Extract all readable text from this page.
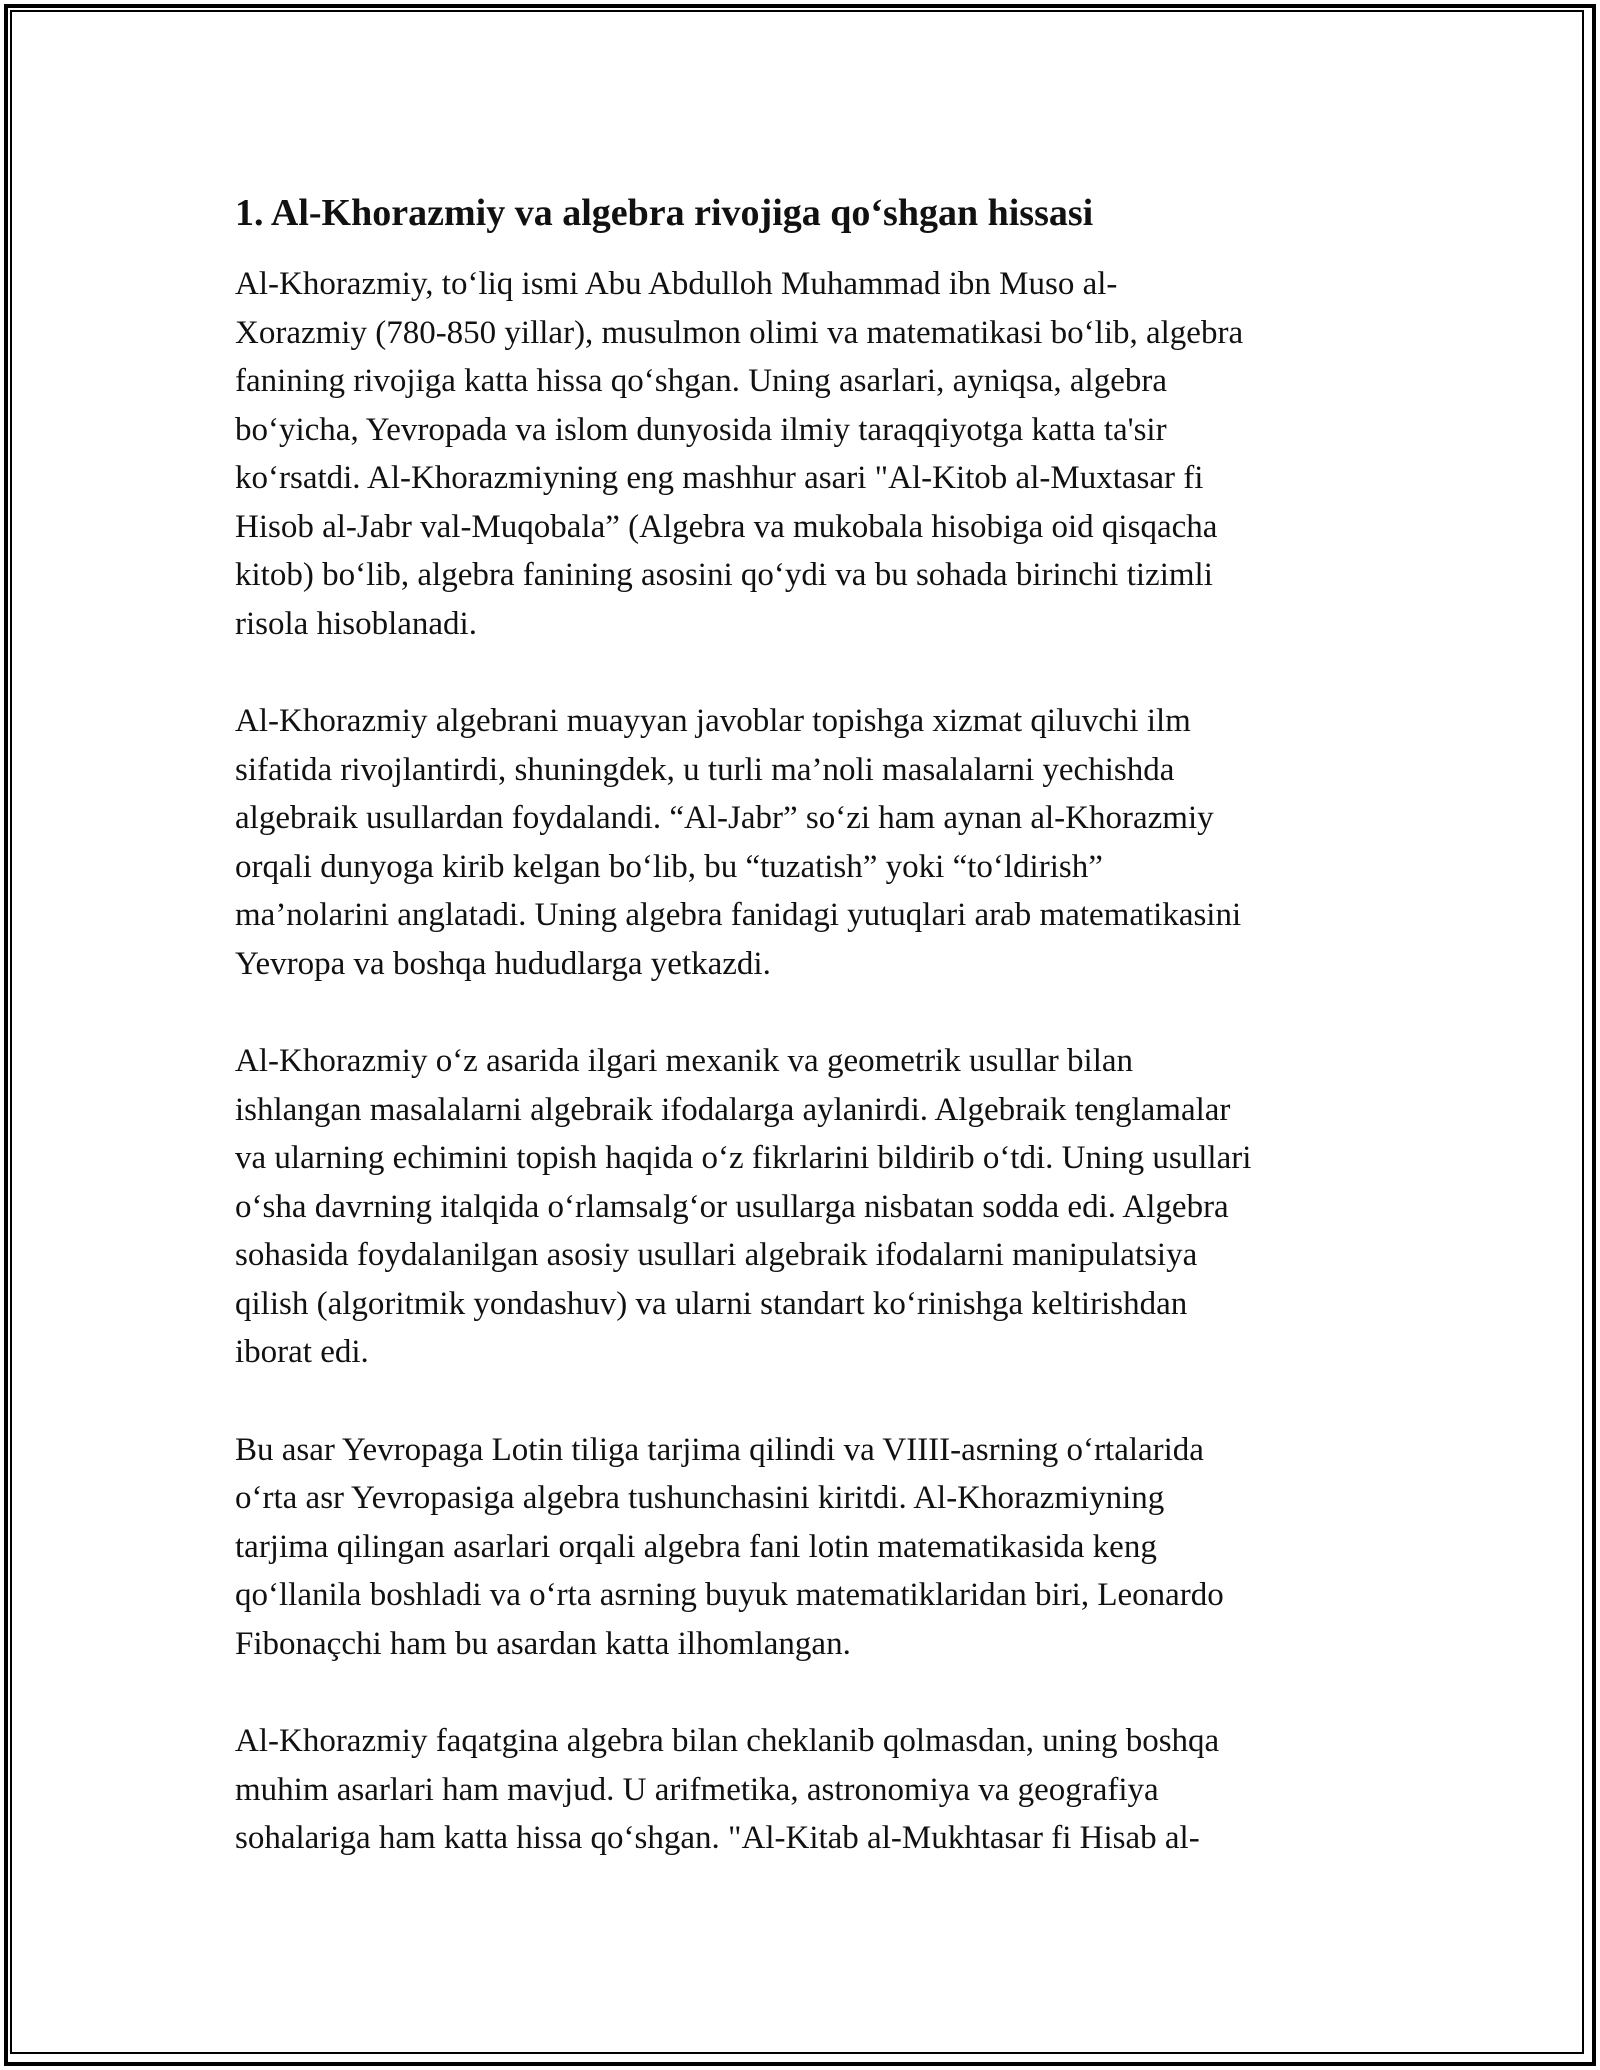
1. Al-Khorazmiy va algebra rivojiga qo‘shgan hissasi

Al-Khorazmiy, to‘liq ismi Abu Abdulloh Muhammad ibn Muso al-
Xorazmiy (780-850 yillar), musulmon olimi va matematikasi bo‘lib, algebra
fanining rivojiga katta hissa qo‘shgan. Uning asarlari, ayniqsa, algebra
bo‘yicha, Yevropada va islom dunyosida ilmiy taraqqiyotga katta ta'sir
ko‘rsatdi. Al-Khorazmiyning eng mashhur asari "Al-Kitob al-Muxtasar fi
Hisob al-Jabr val-Muqobala” (Algebra va mukobala hisobiga oid qisqacha
kitob) bo‘lib, algebra fanining asosini qo‘ydi va bu sohada birinchi tizimli
risola hisoblanadi.

Al-Khorazmiy algebrani muayyan javoblar topishga xizmat qiluvchi ilm
sifatida rivojlantirdi, shuningdek, u turli ma’noli masalalarni yechishda
algebraik usullardan foydalandi. “Al-Jabr” so‘zi ham aynan al-Khorazmiy
orqali dunyoga kirib kelgan bo‘lib, bu “tuzatish” yoki “to‘ldirish”
ma’nolarini anglatadi. Uning algebra fanidagi yutuqlari arab matematikasini
Yevropa va boshqa hududlarga yetkazdi.

Al-Khorazmiy o‘z asarida ilgari mexanik va geometrik usullar bilan
ishlangan masalalarni algebraik ifodalarga aylanirdi. Algebraik tenglamalar
va ularning echimini topish haqida o‘z fikrlarini bildirib o‘tdi. Uning usullari
o‘sha davrning italqida o‘rlamsalg‘or usullarga nisbatan sodda edi. Algebra
sohasida foydalanilgan asosiy usullari algebraik ifodalarni manipulatsiya
qilish (algoritmik yondashuv) va ularni standart ko‘rinishga keltirishdan
iborat edi.

Bu asar Yevropaga Lotin tiliga tarjima qilindi va VIIII-asrning o‘rtalarida
o‘rta asr Yevropasiga algebra tushunchasini kiritdi. Al-Khorazmiyning
tarjima qilingan asarlari orqali algebra fani lotin matematikasida keng
qo‘llanila boshladi va o‘rta asrning buyuk matematiklaridan biri, Leonardo
Fibonaçchi ham bu asardan katta ilhomlangan.

Al-Khorazmiy faqatgina algebra bilan cheklanib qolmasdan, uning boshqa
muhim asarlari ham mavjud. U arifmetika, astronomiya va geografiya
sohalariga ham katta hissa qo‘shgan. "Al-Kitab al-Mukhtasar fi Hisab al-
